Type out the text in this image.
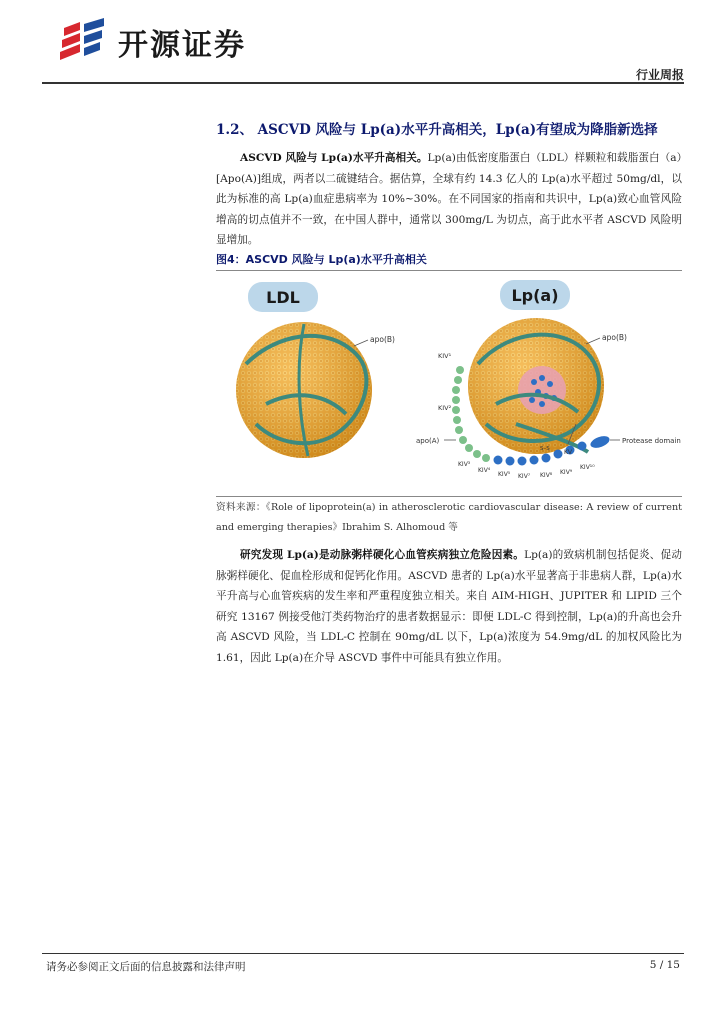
开源证券
行业周报
1.2、 ASCVD 风险与 Lp(a)水平升高相关，Lp(a)有望成为降脂新选择

ASCVD 风险与 Lp(a)水平升高相关。Lp(a)由低密度脂蛋白（LDL）样颗粒和载脂蛋白（a）[Apo(A)]组成，两者以二硫键结合。据估算，全球有约 14.3 亿人的 Lp(a)水平超过 50mg/dl，以此为标准的高 Lp(a)血症患病率为 10%~30%。在不同国家的指南和共识中，Lp(a)致心血管风险增高的切点值并不一致，在中国人群中，通常以 300mg/L 为切点，高于此水平者 ASCVD 风险明显增加。

图4：ASCVD 风险与 Lp(a)水平升高相关
LDL	Lp(a)
apo(B)	apo(B)
Protease domain
KIV¹
KIV²
apo(A)
KIV³
KIV⁴
KIV⁵ KIV⁷ KIV⁸ KIV⁹
KIV¹⁰
KV
S–S
资料来源：《Role of lipoprotein(a) in atherosclerotic cardiovascular disease: A review of current and emerging therapies》Ibrahim S. Alhomoud 等

研究发现 Lp(a)是动脉粥样硬化心血管疾病独立危险因素。Lp(a)的致病机制包括促炎、促动脉粥样硬化、促血栓形成和促钙化作用。ASCVD 患者的 Lp(a)水平显著高于非患病人群，Lp(a)水平升高与心血管疾病的发生率和严重程度独立相关。来自 AIM-HIGH、JUPITER 和 LIPID 三个研究 13167 例接受他汀类药物治疗的患者数据显示：即便 LDL-C 得到控制，Lp(a)的升高也会升高 ASCVD 风险，当 LDL-C 控制在 90mg/dL 以下，Lp(a)浓度为 54.9mg/dL 的加权风险比为 1.61，因此 Lp(a)在介导 ASCVD 事件中可能具有独立作用。

请务必参阅正文后面的信息披露和法律声明	5 / 15
